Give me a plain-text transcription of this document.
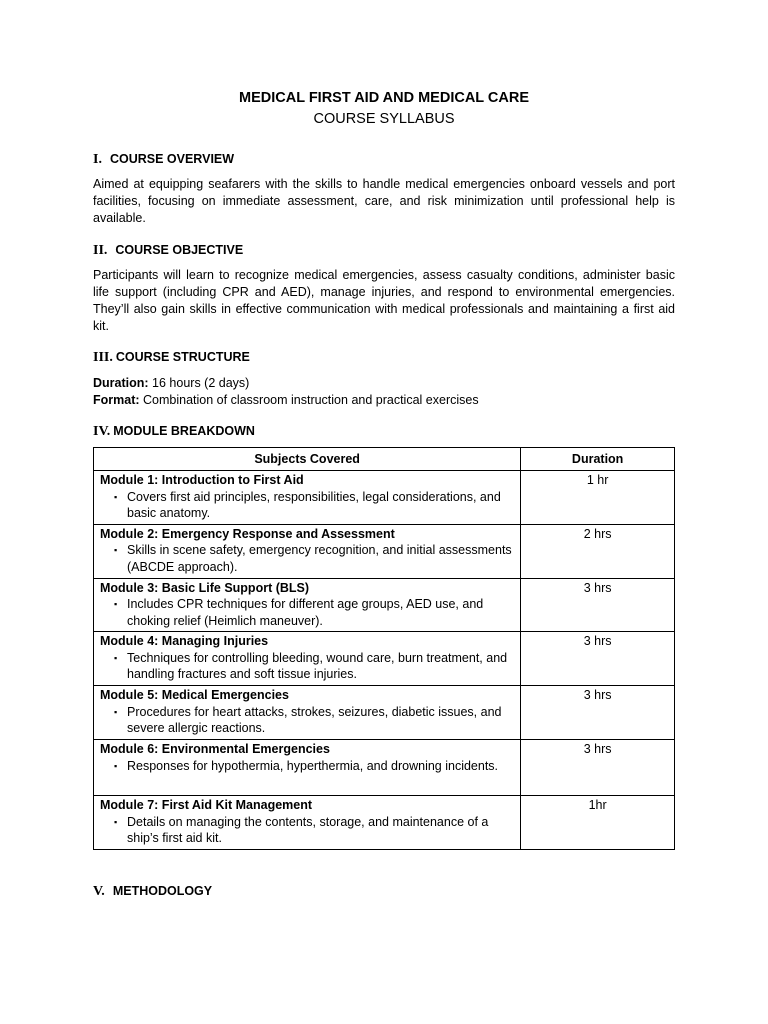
MEDICAL FIRST AID AND MEDICAL CARE
COURSE SYLLABUS
I. COURSE OVERVIEW

Aimed at equipping seafarers with the skills to handle medical emergencies onboard vessels and port facilities, focusing on immediate assessment, care, and risk minimization until professional help is available.

II. COURSE OBJECTIVE

Participants will learn to recognize medical emergencies, assess casualty conditions, administer basic life support (including CPR and AED), manage injuries, and respond to environmental emergencies. They’ll also gain skills in effective communication with medical professionals and maintaining a first aid kit.

III. COURSE STRUCTURE

Duration: 16 hours (2 days)

Format: Combination of classroom instruction and practical exercises

IV. MODULE BREAKDOWN
Subjects Covered	Duration

Module 1: Introduction to First Aid
▪ Covers first aid principles, responsibilities, legal considerations, and basic anatomy.	1 hr

Module 2: Emergency Response and Assessment
▪ Skills in scene safety, emergency recognition, and initial assessments (ABCDE approach).	2 hrs

Module 3: Basic Life Support (BLS)
▪ Includes CPR techniques for different age groups, AED use, and choking relief (Heimlich maneuver).	3 hrs

Module 4: Managing Injuries
▪ Techniques for controlling bleeding, wound care, burn treatment, and handling fractures and soft tissue injuries.	3 hrs

Module 5: Medical Emergencies
▪ Procedures for heart attacks, strokes, seizures, diabetic issues, and severe allergic reactions.	3 hrs

Module 6: Environmental Emergencies
▪ Responses for hypothermia, hyperthermia, and drowning incidents.	3 hrs

Module 7: First Aid Kit Management
▪ Details on managing the contents, storage, and maintenance of a ship’s first aid kit.	1hr
V. METHODOLOGY
